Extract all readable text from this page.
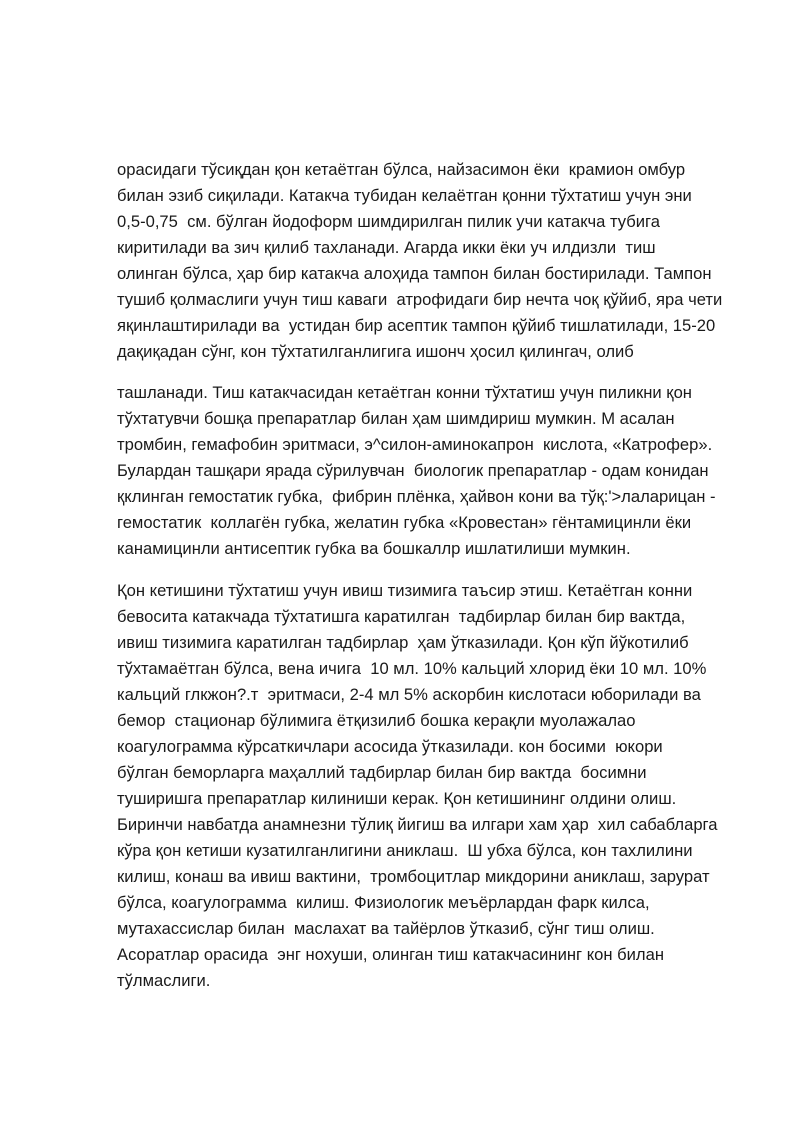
орасидаги тўсиқдан қон кетаётган бўлса, найзасимон ёки  крамион омбур
билан эзиб сиқилади. Катакча тубидан келаётган қонни тўхтатиш учун эни
0,5-0,75  см. бўлган йодоформ шимдирилган пилик учи катакча тубига
киритилади ва зич қилиб тахланади. Агарда икки ёки уч илдизли  тиш
олинган бўлса, ҳар бир катакча алоҳида тампон билан бостирилади. Тампон
тушиб қолмаслиги учун тиш каваги  атрофидаги бир нечта чоқ қўйиб, яра чети
яқинлаштирилади ва  устидан бир асептик тампон қўйиб тишлатилади, 15-20
дақиқадан сўнг, кон тўхтатилганлигига ишонч ҳосил қилингач, олиб
ташланади. Тиш катакчасидан кетаётган конни тўхтатиш учун пиликни қон
тўхтатувчи бошқа препаратлар билан ҳам шимдириш мумкин. М асалан
тромбин, гемафобин эритмаси, э^силон-аминокапрон  кислота, «Катрофер».
Булардан ташқари ярада сўрилувчан  биологик препаратлар - одам конидан
қклинган гемостатик губка,  фибрин плёнка, ҳайвон кони ва тўқ:'>лаларицан -
гемостатик  коллагён губка, желатин губка «Кровестан» гёнтамицинли ёки
канамицинли антисептик губка ва бошкаллр ишлатилиши мумкин.
Қон кетишини тўхтатиш учун ивиш тизимига таъсир этиш. Кетаётган конни
бевосита катакчада тўхтатишга каратилган  тадбирлар билан бир вактда,
ивиш тизимига каратилган тадбирлар  ҳам ўтказилади. Қон кўп йўкотилиб
тўхтамаётган бўлса, вена ичига  10 мл. 10% кальций хлорид ёки 10 мл. 10%
кальций глкжон?.т  эритмаси, 2-4 мл 5% аскорбин кислотаси юборилади ва
бемор  стационар бўлимига ётқизилиб бошка керақли муолажалао
коагулограмма кўрсаткичлари асосида ўтказилади. кон босими  юкори
бўлган беморларга маҳаллий тадбирлар билан бир вактда  босимни
туширишга препаратлар килиниши керак. Қон кетишининг олдини олиш.
Биринчи навбатда анамнезни тўлиқ йигиш ва илгари хам ҳар  хил сабабларга
кўра қон кетиши кузатилганлигини аниклаш.  Ш убха бўлса, кон тахлилини
килиш, конаш ва ивиш вактини,  тромбоцитлар микдорини аниклаш, зарурат
бўлса, коагулограмма  килиш. Физиологик меъёрлардан фарк килса,
мутахассислар билан  маслахат ва тайёрлов ўтказиб, сўнг тиш олиш.
Асоратлар орасида  энг нохуши, олинган тиш катакчасининг кон билан
тўлмаслиги.
